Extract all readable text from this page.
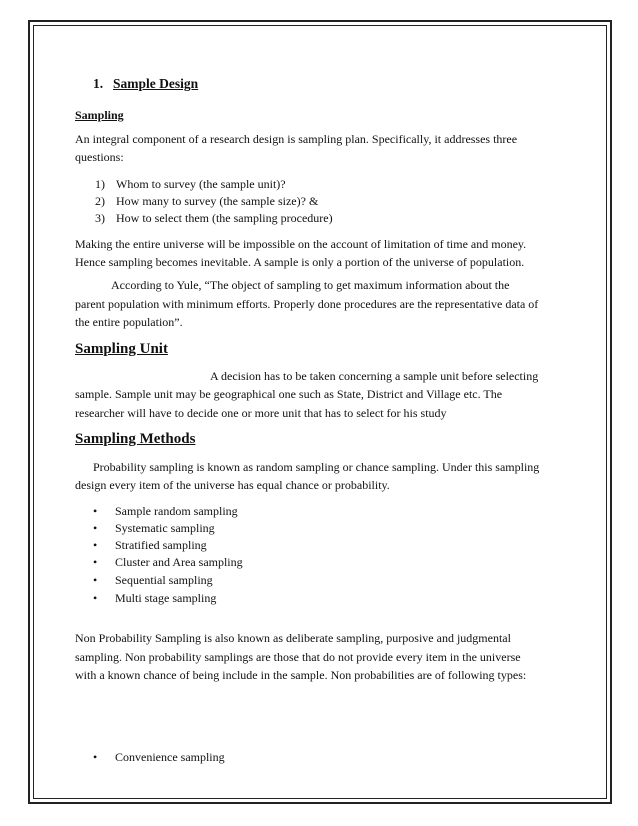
1. Sample Design
Sampling
An integral component of a research design is sampling plan. Specifically, it addresses three
questions:
1) Whom to survey (the sample unit)?
2) How many to survey (the sample size)? &
3) How to select them (the sampling procedure)
Making the entire universe will be impossible on the account of limitation of time and money.
Hence sampling becomes inevitable. A sample is only a portion of the universe of population.
According to Yule, “The object of sampling to get maximum information about the
parent population with minimum efforts. Properly done procedures are the representative data of
the entire population”.
Sampling Unit
A decision has to be taken concerning a sample unit before selecting
sample. Sample unit may be geographical one such as State, District and Village etc. The
researcher will have to decide one or more unit that has to select for his study
Sampling Methods
Probability sampling is known as random sampling or chance sampling. Under this sampling
design every item of the universe has equal chance or probability.
• Sample random sampling
• Systematic sampling
• Stratified sampling
• Cluster and Area sampling
• Sequential sampling
• Multi stage sampling
Non Probability Sampling is also known as deliberate sampling, purposive and judgmental
sampling. Non probability samplings are those that do not provide every item in the universe
with a known chance of being include in the sample. Non probabilities are of following types:
• Convenience sampling
